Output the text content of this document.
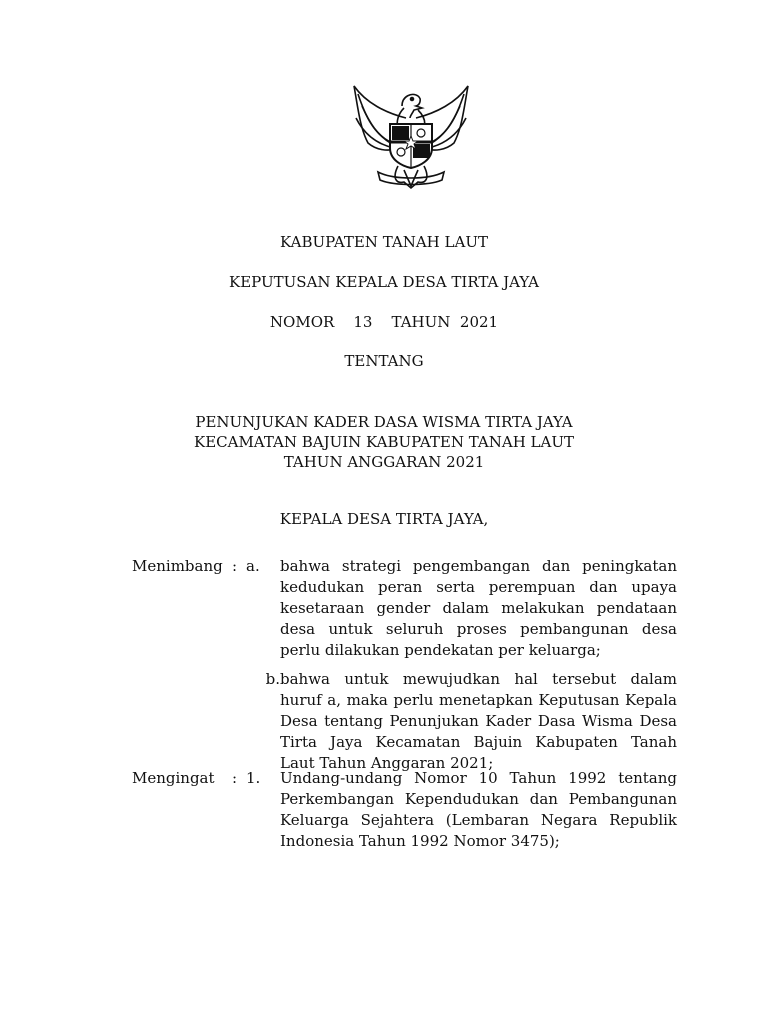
KABUPATEN TANAH LAUT
KEPUTUSAN KEPALA DESA TIRTA JAYA
NOMOR    13    TAHUN  2021
TENTANG
PENUNJUKAN KADER DASA WISMA TIRTA JAYA
KECAMATAN BAJUIN KABUPATEN TANAH LAUT
TAHUN ANGGARAN 2021
KEPALA DESA TIRTA JAYA,
Menimbang : a.	bahwa strategi pengembangan dan peningkatan
kedudukan peran serta perempuan dan upaya
kesetaraan gender dalam melakukan pendataan
desa untuk seluruh proses pembangunan desa
perlu dilakukan pendekatan per keluarga;
b. bahwa untuk mewujudkan hal tersebut dalam
huruf a, maka perlu menetapkan Keputusan Kepala
Desa tentang Penunjukan Kader Dasa Wisma Desa
Tirta Jaya Kecamatan Bajuin Kabupaten Tanah
Laut Tahun Anggaran 2021;
Mengingat	: 1.	Undang-undang Nomor 10 Tahun 1992 tentang
Perkembangan Kependudukan dan Pembangunan
Keluarga Sejahtera (Lembaran Negara Republik
Indonesia Tahun 1992 Nomor 3475);
